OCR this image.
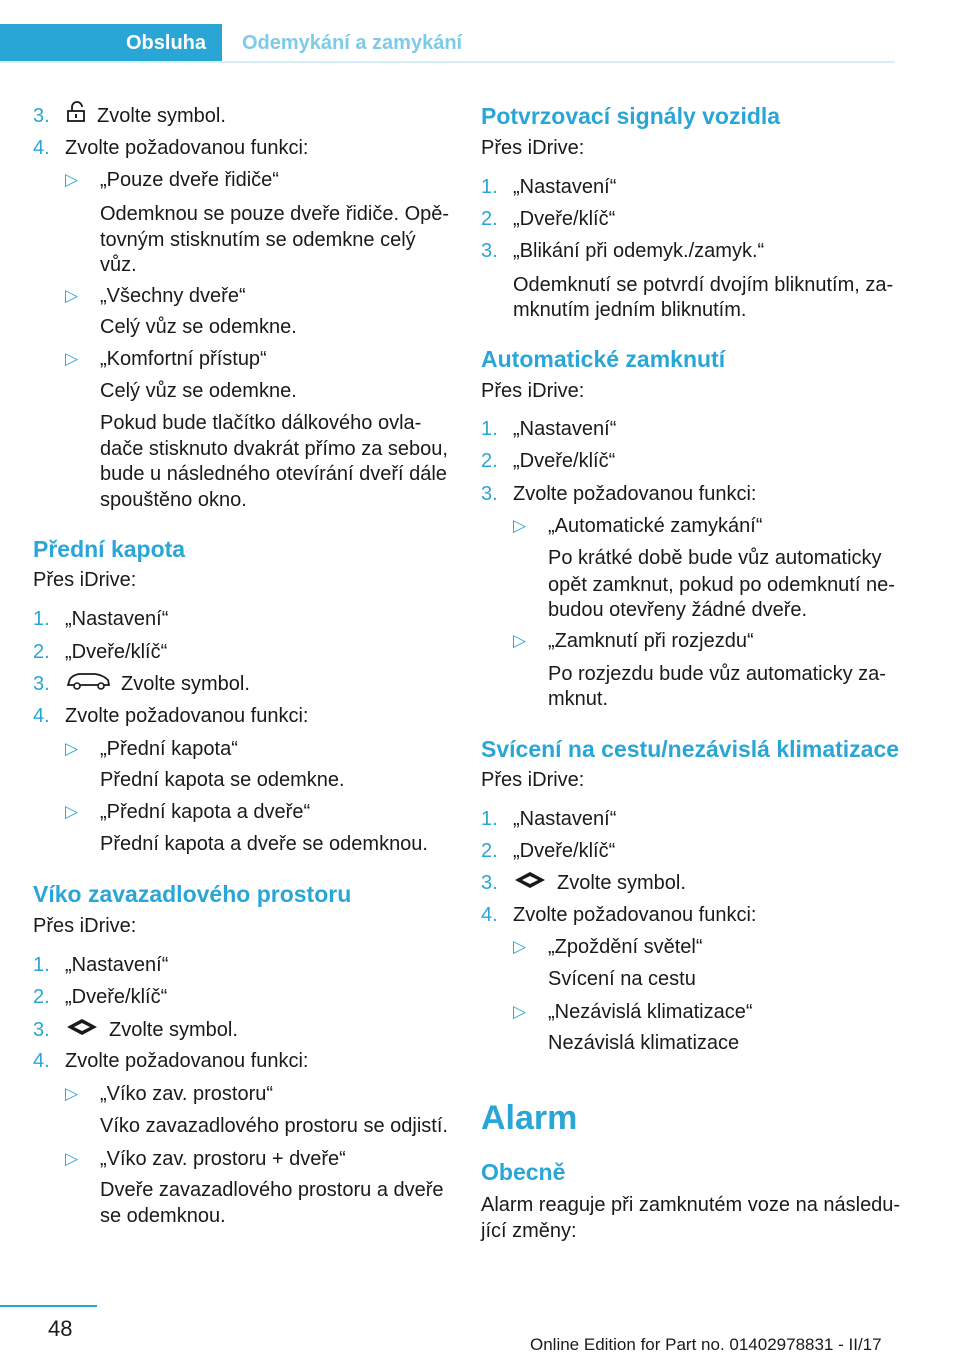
Obsluha	Odemykání a zamykání
3.	Zvolte symbol.
4. Zvolte požadovanou funkci:
▷ „Pouze dveře řidiče“
Odemknou se pouze dveře řidiče. Opě‐
tovným stisknutím se odemkne celý
vůz.
▷ „Všechny dveře“
Celý vůz se odemkne.
▷ „Komfortní přístup“
Celý vůz se odemkne.
Pokud bude tlačítko dálkového ovla‐
dače stisknuto dvakrát přímo za sebou,
bude u následného otevírání dveří dále
spouštěno okno.
Přední kapota
Přes iDrive:
1. „Nastavení“
2. „Dveře/klíč“
3.	Zvolte symbol.
4. Zvolte požadovanou funkci:
▷ „Přední kapota“
Přední kapota se odemkne.
▷ „Přední kapota a dveře“
Přední kapota a dveře se odemknou.
Víko zavazadlového prostoru
Přes iDrive:
1. „Nastavení“
2. „Dveře/klíč“
3.	Zvolte symbol.
4. Zvolte požadovanou funkci:
▷ „Víko zav. prostoru“
Víko zavazadlového prostoru se odjistí.
▷ „Víko zav. prostoru + dveře“
Dveře zavazadlového prostoru a dveře
se odemknou.
Potvrzovací signály vozidla
Přes iDrive:
1. „Nastavení“
2. „Dveře/klíč“
3. „Blikání při odemyk./zamyk.“
Odemknutí se potvrdí dvojím bliknutím, za‐
mknutím jedním bliknutím.
Automatické zamknutí
Přes iDrive:
1. „Nastavení“
2. „Dveře/klíč“
3. Zvolte požadovanou funkci:
▷ „Automatické zamykání“
Po krátké době bude vůz automaticky
opět zamknut, pokud po odemknutí ne‐
budou otevřeny žádné dveře.
▷ „Zamknutí při rozjezdu“
Po rozjezdu bude vůz automaticky za‐
mknut.
Svícení na cestu/nezávislá klimatizace
Přes iDrive:
1. „Nastavení“
2. „Dveře/klíč“
3.	Zvolte symbol.
4. Zvolte požadovanou funkci:
▷ „Zpoždění světel“
Svícení na cestu
▷ „Nezávislá klimatizace“
Nezávislá klimatizace
Alarm
Obecně
Alarm reaguje při zamknutém voze na následu‐
jící změny:
48
Online Edition for Part no. 01402978831 - II/17
